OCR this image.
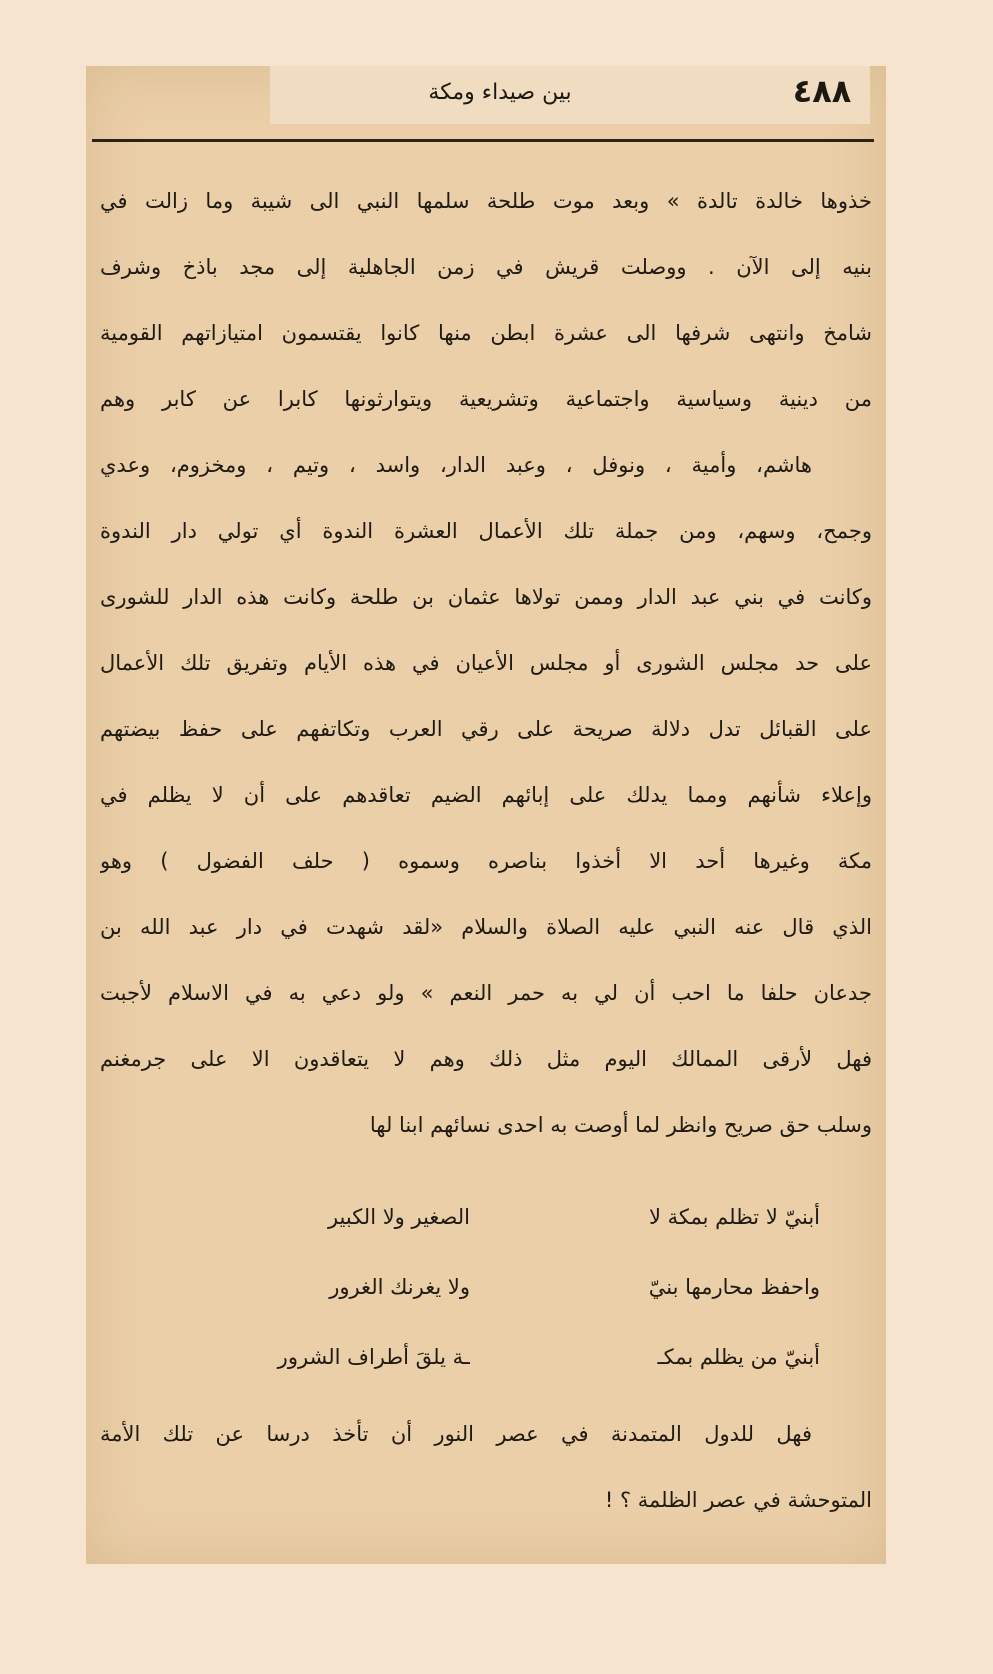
٤٨٨
بين صيداء ومكة
خذوها خالدة تالدة » وبعد موت طلحة سلمها النبي الى شيبة وما زالت في
بنيه إلى الآن . ووصلت قريش في زمن الجاهلية إلى مجد باذخ وشرف
شامخ وانتهى شرفها الى عشرة ابطن منها كانوا يقتسمون امتيازاتهم القومية
من دينية وسياسية واجتماعية وتشريعية ويتوارثونها كابرا عن كابر وهم
هاشم، وأمية ، ونوفل ، وعبد الدار، واسد ، وتيم ، ومخزوم، وعدي
وجمح، وسهم، ومن جملة تلك الأعمال العشرة الندوة أي تولي دار الندوة
وكانت في بني عبد الدار وممن تولاها عثمان بن طلحة وكانت هذه الدار للشورى
على حد مجلس الشورى أو مجلس الأعيان في هذه الأيام وتفريق تلك الأعمال
على القبائل تدل دلالة صريحة على رقي العرب وتكاتفهم على حفظ بيضتهم
وإعلاء شأنهم ومما يدلك على إبائهم الضيم تعاقدهم على أن لا يظلم في
مكة وغيرها أحد الا أخذوا بناصره وسموه ( حلف الفضول ) وهو
الذي قال عنه النبي عليه الصلاة والسلام «لقد شهدت في دار عبد الله بن
جدعان حلفا ما احب أن لي به حمر النعم » ولو دعي به في الاسلام لأجبت
فهل لأرقى الممالك اليوم مثل ذلك وهم لا يتعاقدون الا على جرمغنم
وسلب حق صريح وانظر لما أوصت به احدى نسائهم ابنا لها
أبنيّ لا تظلم بمكة لا
الصغير ولا الكبير
واحفظ محارمها بنيّ
ولا يغرنك الغرور
أبنيّ من يظلم بمكـ
ـة يلقَ أطراف الشرور
فهل للدول المتمدنة في عصر النور أن تأخذ درسا عن تلك الأمة
المتوحشة في عصر الظلمة ؟ !
